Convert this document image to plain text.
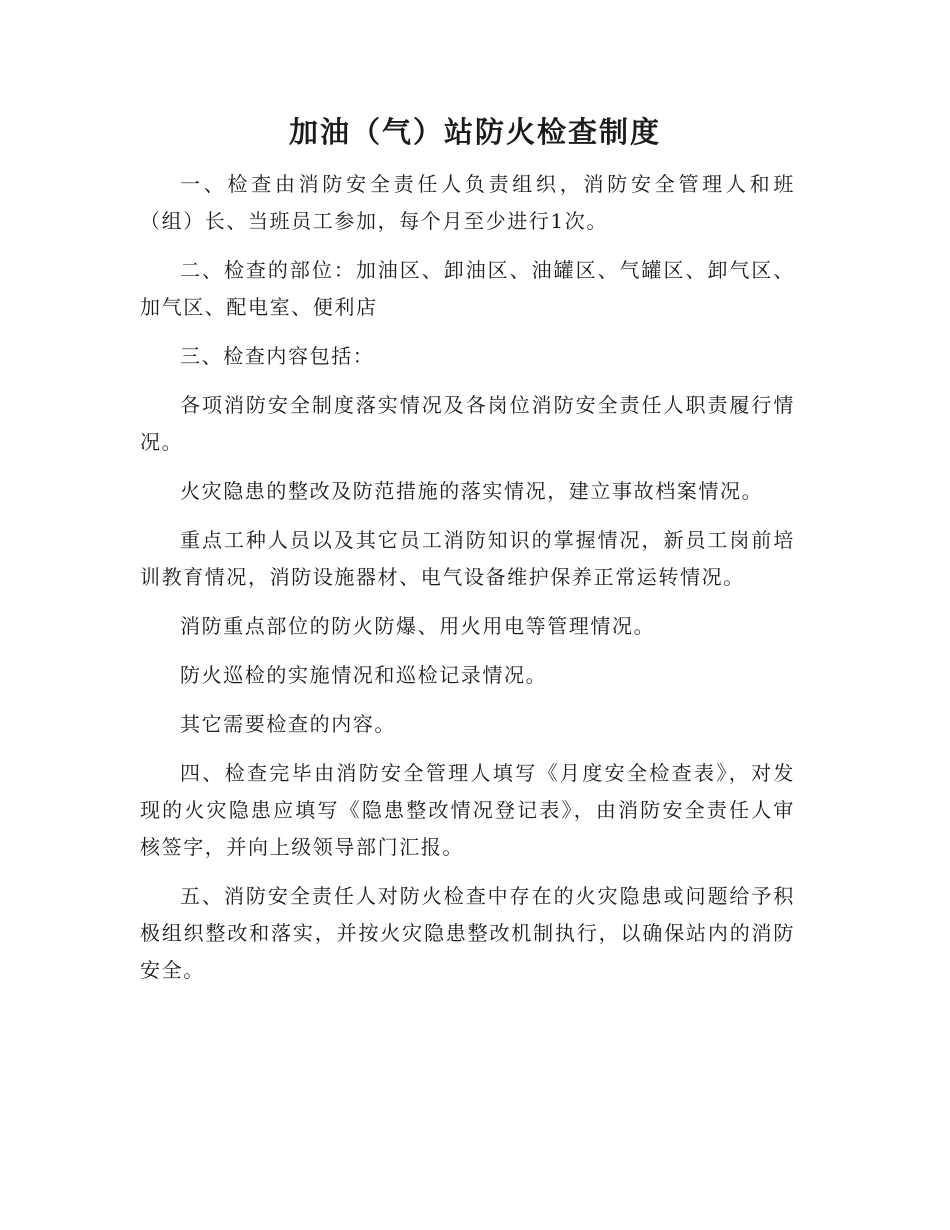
加油（气）站防火检查制度

一、检查由消防安全责任人负责组织，消防安全管理人和班（组）长、当班员工参加，每个月至少进行1次。

二、检查的部位：加油区、卸油区、油罐区、气罐区、卸气区、加气区、配电室、便利店

三、检查内容包括：

各项消防安全制度落实情况及各岗位消防安全责任人职责履行情况。

火灾隐患的整改及防范措施的落实情况，建立事故档案情况。

重点工种人员以及其它员工消防知识的掌握情况，新员工岗前培训教育情况，消防设施器材、电气设备维护保养正常运转情况。

消防重点部位的防火防爆、用火用电等管理情况。

防火巡检的实施情况和巡检记录情况。

其它需要检查的内容。

四、检查完毕由消防安全管理人填写《月度安全检查表》，对发现的火灾隐患应填写《隐患整改情况登记表》，由消防安全责任人审核签字，并向上级领导部门汇报。

五、消防安全责任人对防火检查中存在的火灾隐患或问题给予积极组织整改和落实，并按火灾隐患整改机制执行，以确保站内的消防安全。
